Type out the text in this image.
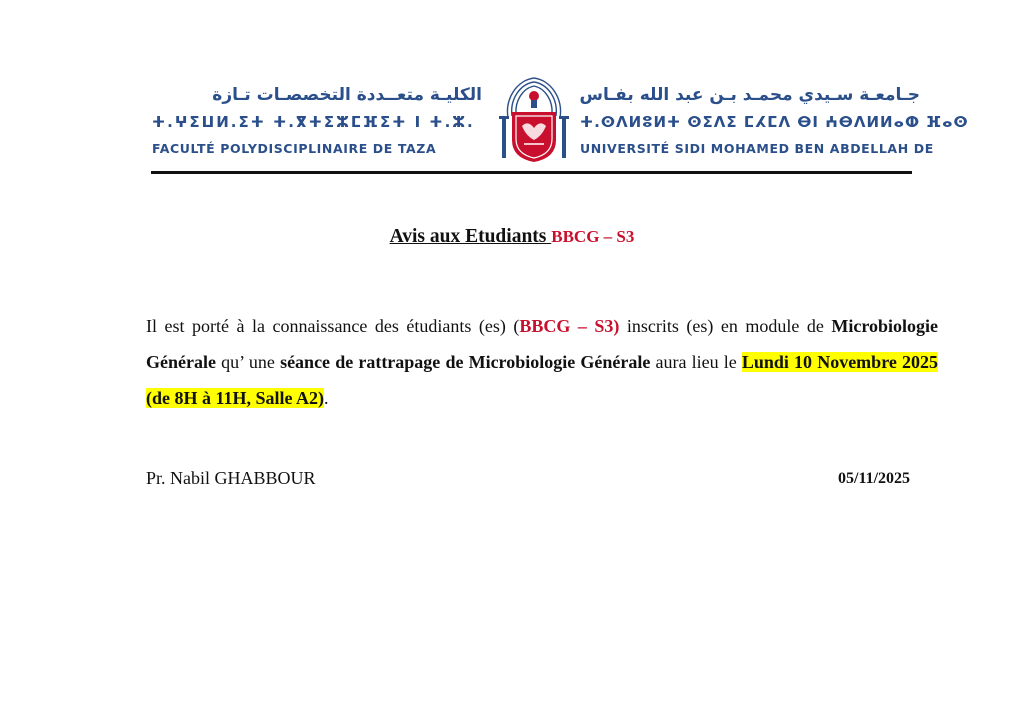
الكليـة متعــددة التخصصـات تـازة
ⵜ.ⵖⵉⵡⵍ.ⵉⵜ ⵜ.ⴳⵜⵉⵣⵎⴼⵉⵜ ⵏ ⵜ.ⵣ.
FACULTÉ POLYDISCIPLINAIRE DE TAZA
جـامعـة سـيدي محمـد بـن عبد الله بفـاس
ⵜ.ⵙⴷⵍⵓⵍⵜ ⵙⵉⴷⵉ ⵎⵃⵎⴷ ⴱⵏ ⵄⴱⴷⵍⵍⴰⵀ ⴼⴰⵙ
UNIVERSITÉ SIDI MOHAMED BEN ABDELLAH DE
Avis aux Etudiants BBCG – S3
Il est porté à la connaissance des étudiants (es) (BBCG – S3) inscrits (es) en module de Microbiologie Générale qu’ une séance de rattrapage de Microbiologie Générale aura lieu le Lundi 10 Novembre 2025 (de 8H à 11H, Salle A2).
Pr. Nabil GHABBOUR	05/11/2025
